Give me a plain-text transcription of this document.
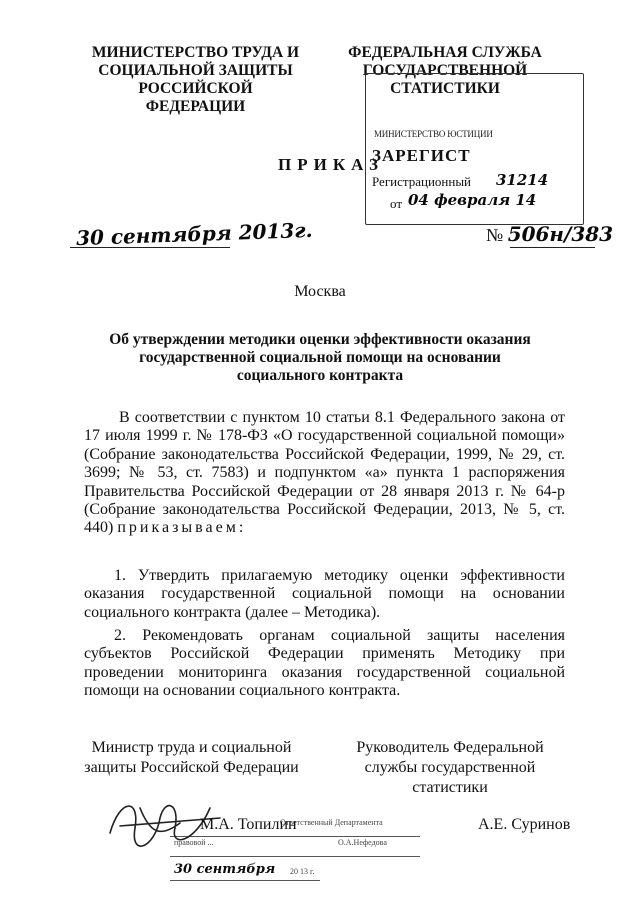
МИНИСТЕРСТВО ТРУДА И
СОЦИАЛЬНОЙ ЗАЩИТЫ
РОССИЙСКОЙ ФЕДЕРАЦИИ
ФЕДЕРАЛЬНАЯ СЛУЖБА
ГОСУДАРСТВЕННОЙ
СТАТИСТИКИ
ПРИКАЗ
МИНИСТЕРСТВО ЮСТИЦИИ
ЗАРЕГИСТ
Регистрационный 31214
от 04 февраля 14
30 сентября 2013г.	№ 506н/383
Москва
Об утверждении методики оценки эффективности оказания государственной социальной помощи на основании социального контракта
В соответствии с пунктом 10 статьи 8.1 Федерального закона от 17 июля 1999 г. № 178-ФЗ «О государственной социальной помощи» (Собрание законодательства Российской Федерации, 1999, № 29, ст. 3699; № 53, ст. 7583) и подпунктом «а» пункта 1 распоряжения Правительства Российской Федерации от 28 января 2013 г. № 64-р (Собрание законодательства Российской Федерации, 2013, № 5, ст. 440) приказываем:
1. Утвердить прилагаемую методику оценки эффективности оказания государственной социальной помощи на основании социального контракта (далее – Методика).
2. Рекомендовать органам социальной защиты населения субъектов Российской Федерации применять Методику при проведении мониторинга оказания государственной социальной помощи на основании социального контракта.
Министр труда и социальной защиты Российской Федерации
Руководитель Федеральной службы государственной статистики
Ответственный Департамента
правовой ...	О.А.Нефедова
30 сентября 20 13 г.
М.А. Топилин	А.Е. Суринов
